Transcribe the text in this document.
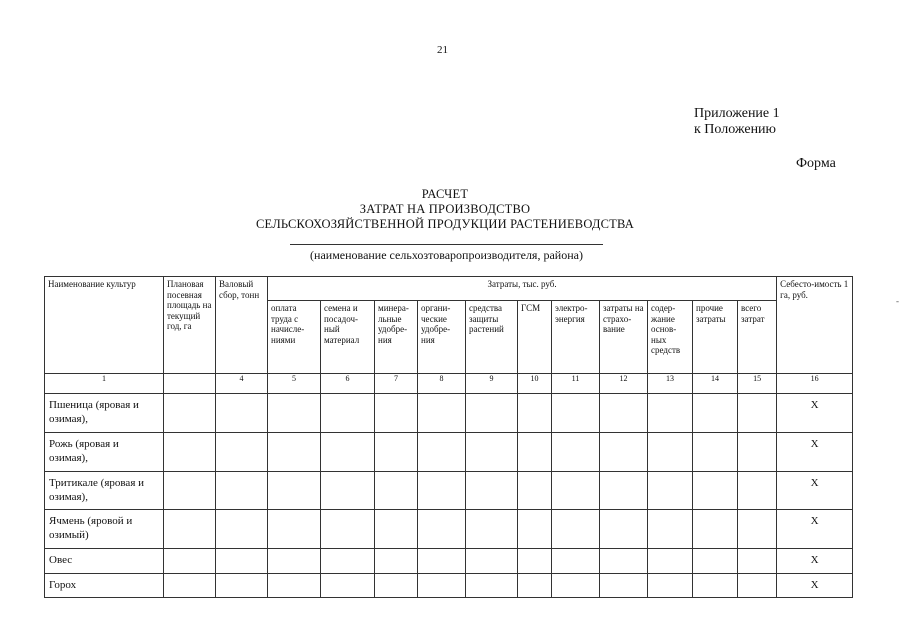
21
Приложение 1
к Положению
Форма
РАСЧЕТ
ЗАТРАТ НА ПРОИЗВОДСТВО
СЕЛЬСКОХОЗЯЙСТВЕННОЙ ПРОДУКЦИИ РАСТЕНИЕВОДСТВА
(наименование сельхозтоваропроизводителя, района)
-
Наименование культур	Плановая посевная площадь на текущий год, га	Валовый сбор, тонн	Затраты, тыс. руб.											Себесто-имость 1 га, руб.
			оплата труда с начисле-ниями	семена и посадоч-ный материал	минера-льные удобре-ния	органи-ческие удобре-ния	средства защиты растений	ГСМ	электро-энергия	затраты на страхо-вание	содер-жание основ-ных средств	прочие затраты	всего затрат	
1		4	5	6	7	8	9	10	11	12	13	14	15	16
Пшеница (яровая и озимая),														X
Рожь (яровая и озимая),														X
Тритикале (яровая и озимая),														X
Ячмень (яровой и озимый)														X
Овес														X
Горох														X
